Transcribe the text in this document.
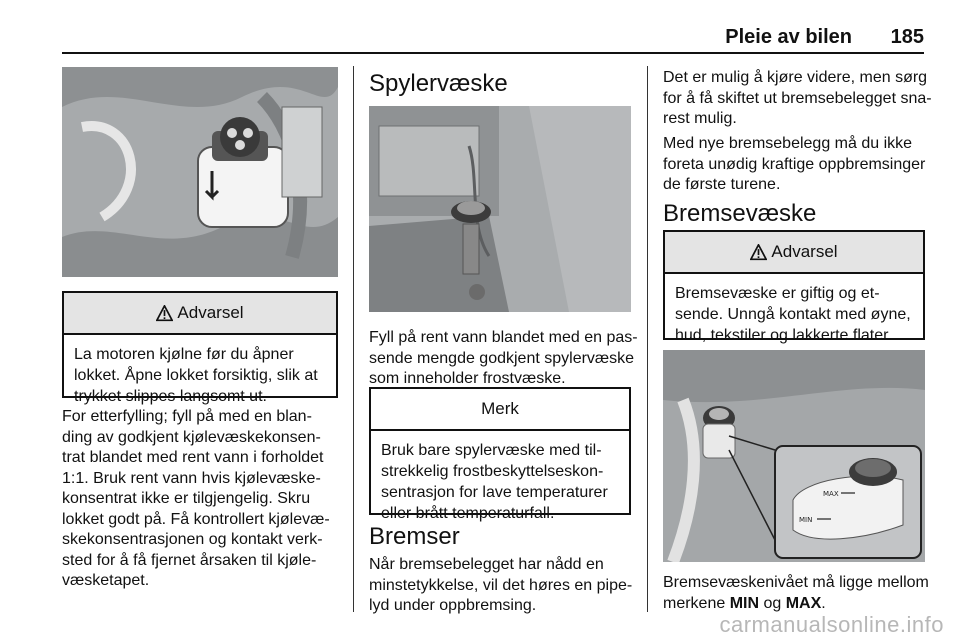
Pleie av bilen 185
Advarsel
La motoren kjølne før du åpner
lokket. Åpne lokket forsiktig, slik at
trykket slippes langsomt ut.
For etterfylling; fyll på med en blan-
ding av godkjent kjølevæskekonsen-
trat blandet med rent vann i forholdet
1:1. Bruk rent vann hvis kjølevæske-
konsentrat ikke er tilgjengelig. Skru
lokket godt på. Få kontrollert kjølevæ-
skekonsentrasjonen og kontakt verk-
sted for å få fjernet årsaken til kjøle-
væsketapet.
Spylervæske
Fyll på rent vann blandet med en pas-
sende mengde godkjent spylervæske
som inneholder frostvæske.
Merk
Bruk bare spylervæske med til-
strekkelig frostbeskyttelseskon-
sentrasjon for lave temperaturer
eller brått temperaturfall.
Bremser
Når bremsebelegget har nådd en
minstetykkelse, vil det høres en pipe-
lyd under oppbremsing.
Det er mulig å kjøre videre, men sørg
for å få skiftet ut bremsebelegget sna-
rest mulig.
Med nye bremsebelegg må du ikke
foreta unødig kraftige oppbremsinger
de første turene.
Bremsevæske
Advarsel
Bremsevæske er giftig og et-
sende. Unngå kontakt med øyne,
hud, tekstiler og lakkerte flater.
MAX
MIN
Bremsevæskenivået må ligge mellom
merkene MIN og MAX.
carmanualsonline.info
